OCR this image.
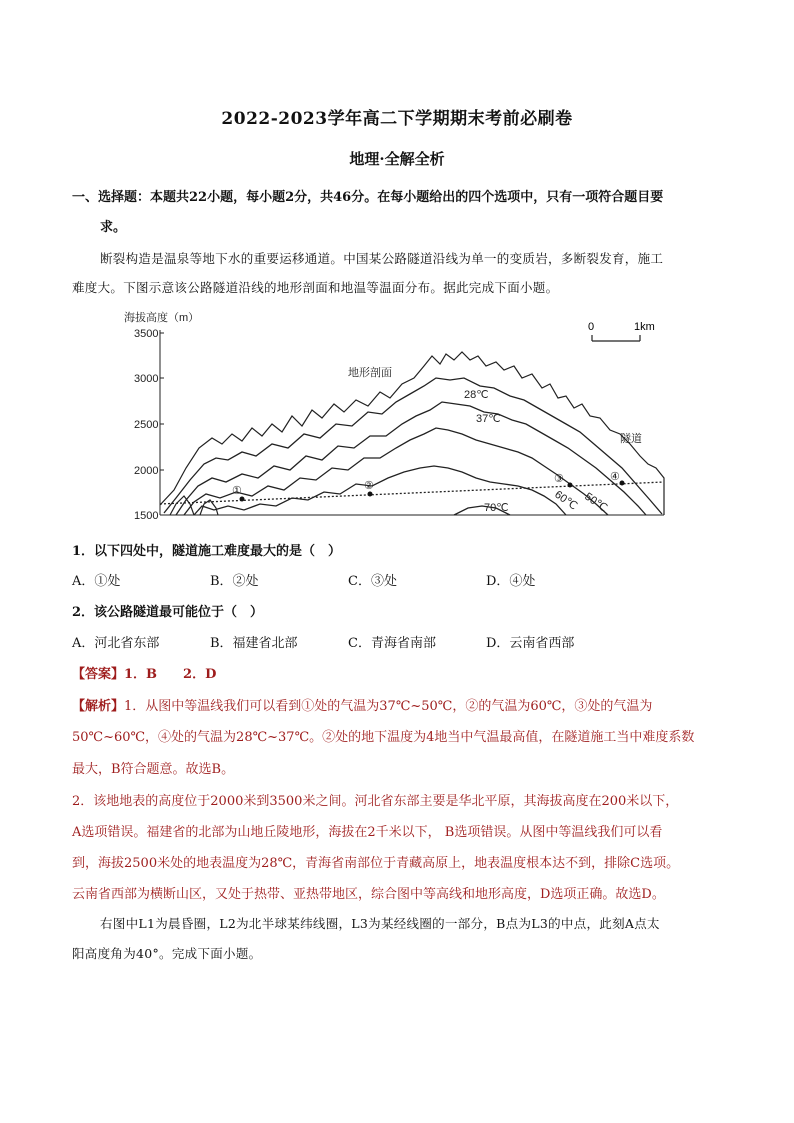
2022-2023学年高二下学期期末考前必刷卷
地理·全解全析
一、选择题：本题共22小题，每小题2分，共46分。在每小题给出的四个选项中，只有一项符合题目要
求。
断裂构造是温泉等地下水的重要运移通道。中国某公路隧道沿线为单一的变质岩，多断裂发育，施工
难度大。下图示意该公路隧道沿线的地形剖面和地温等温面分布。据此完成下面小题。
海拔高度（m）
3500
3000
2500
2000
1500
0	1km
①	②
③	④
地形剖面
隧道
28℃
37℃
50℃
60℃
70℃
1．以下四处中，隧道施工难度最大的是（　）
A．①处	B．②处	C．③处	D．④处
2．该公路隧道最可能位于（　）
A．河北省东部	B．福建省北部	C．青海省南部	D．云南省西部
【答案】1．B　　2．D
【解析】1．从图中等温线我们可以看到①处的气温为37℃~50℃，②的气温为60℃，③处的气温为
50℃~60℃，④处的气温为28℃~37℃。②处的地下温度为4地当中气温最高值，在隧道施工当中难度系数
最大，B符合题意。故选B。
2．该地地表的高度位于2000米到3500米之间。河北省东部主要是华北平原，其海拔高度在200米以下，
A选项错误。福建省的北部为山地丘陵地形，海拔在2千米以下， B选项错误。从图中等温线我们可以看
到，海拔2500米处的地表温度为28℃，青海省南部位于青藏高原上，地表温度根本达不到，排除C选项。
云南省西部为横断山区，又处于热带、亚热带地区，综合图中等高线和地形高度，D选项正确。故选D。
右图中L1为晨昏圈，L2为北半球某纬线圈，L3为某经线圈的一部分，B点为L3的中点，此刻A点太
阳高度角为40°。完成下面小题。
